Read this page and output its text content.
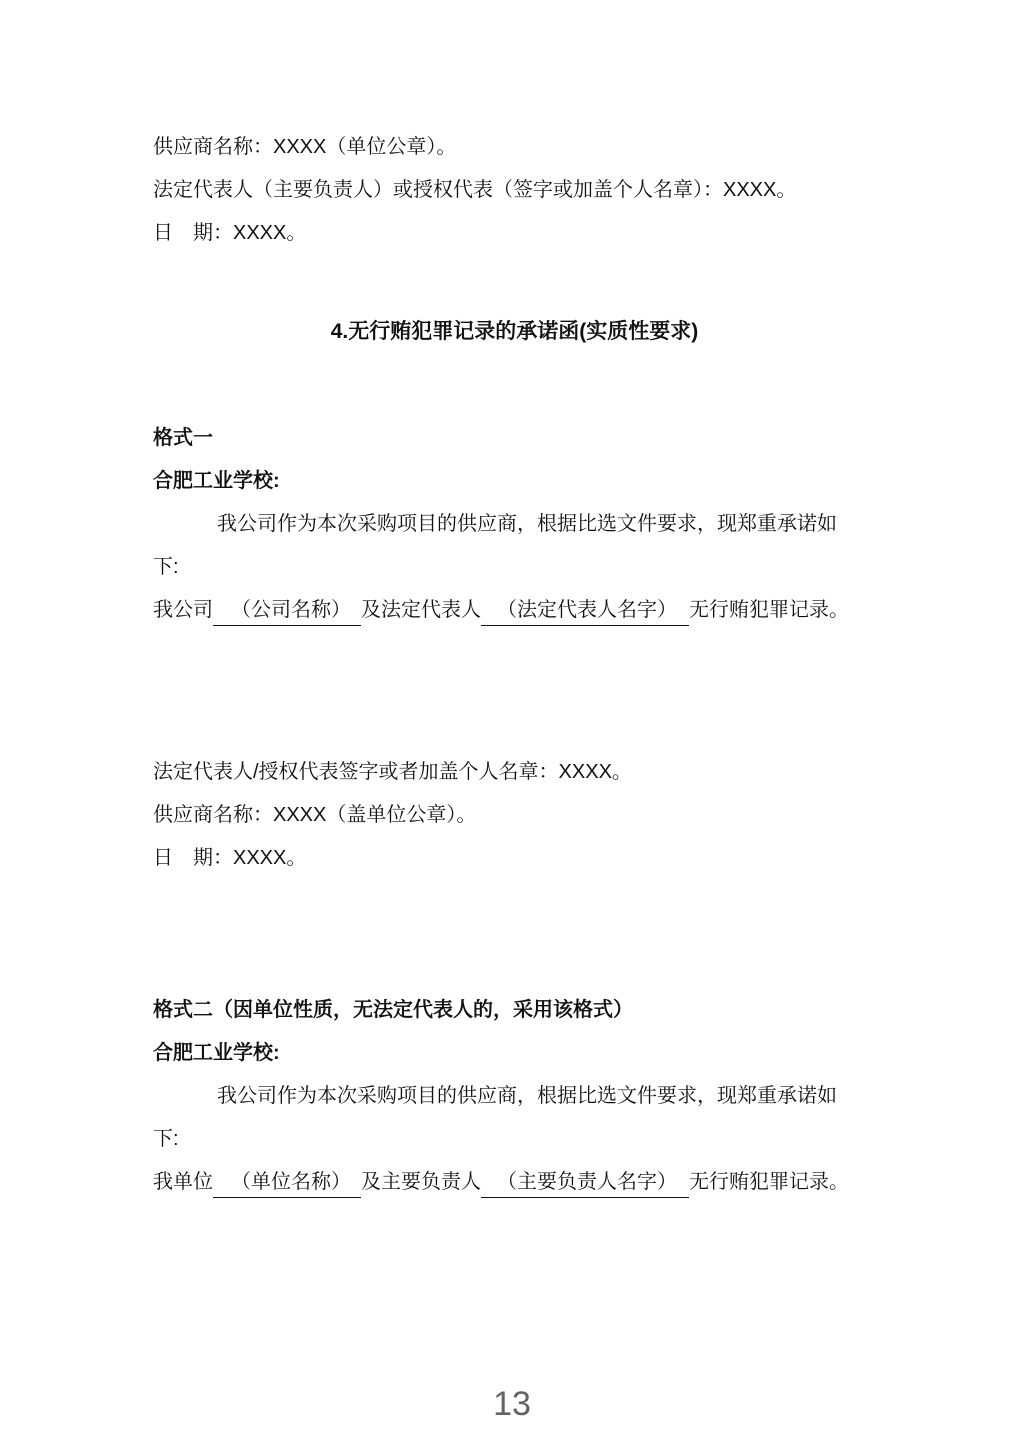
供应商名称：XXXX（单位公章）。

法定代表人（主要负责人）或授权代表（签字或加盖个人名章）：XXXX。

日　期：XXXX。

4.无行贿犯罪记录的承诺函(实质性要求)

格式一

合肥工业学校:

我公司作为本次采购项目的供应商，根据比选文件要求，现郑重承诺如

下:

我公司 （公司名称） 及法定代表人 （法定代表人名字） 无行贿犯罪记录。

法定代表人/授权代表签字或者加盖个人名章：XXXX。

供应商名称：XXXX（盖单位公章）。

日　期：XXXX。

格式二（因单位性质，无法定代表人的，采用该格式）

合肥工业学校:

我公司作为本次采购项目的供应商，根据比选文件要求，现郑重承诺如

下:

我单位 （单位名称） 及主要负责人 （主要负责人名字） 无行贿犯罪记录。

13
